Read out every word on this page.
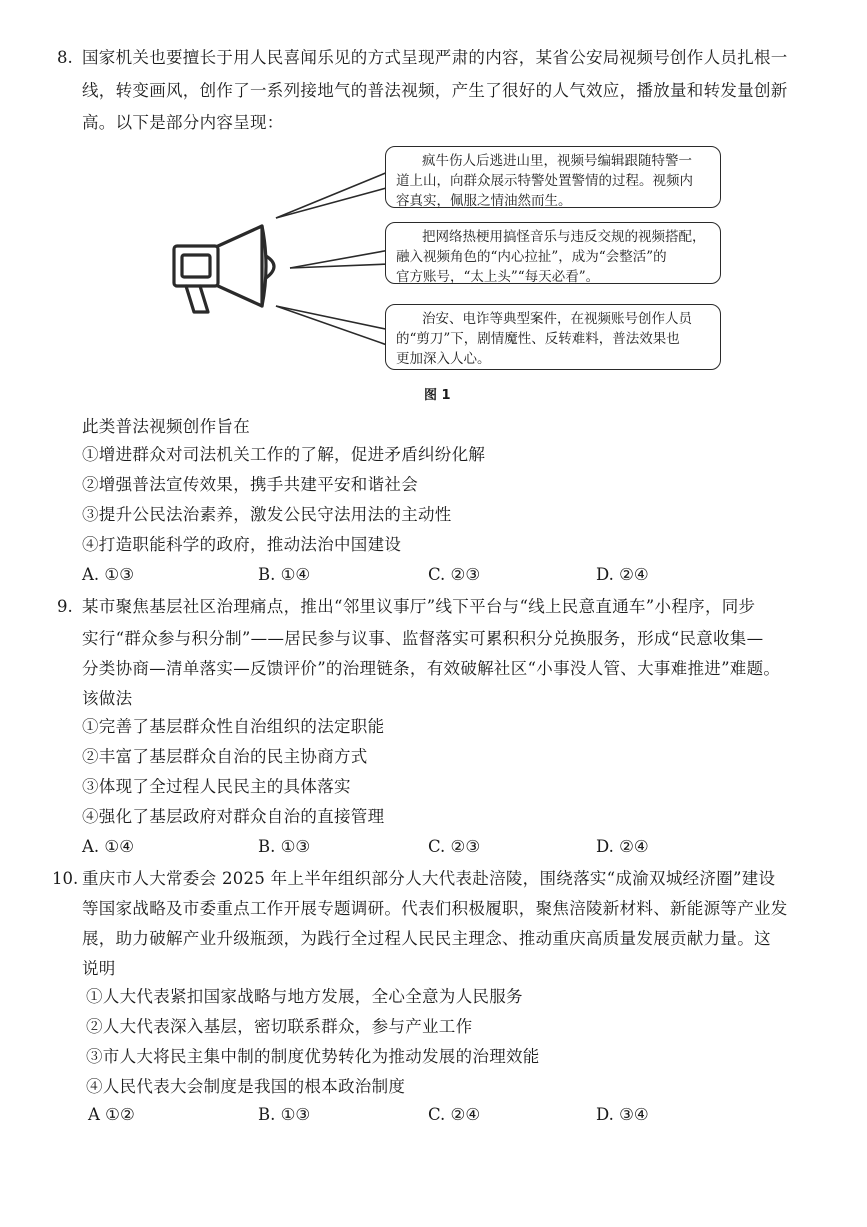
8. 国家机关也要擅长于用人民喜闻乐见的方式呈现严肃的内容，某省公安局视频号创作人员扎根一
线，转变画风，创作了一系列接地气的普法视频，产生了很好的人气效应，播放量和转发量创新
高。以下是部分内容呈现：
疯牛伤人后逃进山里，视频号编辑跟随特警一
道上山，向群众展示特警处置警情的过程。视频内
容真实，佩服之情油然而生。
把网络热梗用搞怪音乐与违反交规的视频搭配，
融入视频角色的“内心拉扯”，成为“会整活”的
官方账号，“太上头”“每天必看”。
治安、电诈等典型案件，在视频账号创作人员
的“剪刀”下，剧情魔性、反转难料，普法效果也
更加深入人心。
图 1
此类普法视频创作旨在
①增进群众对司法机关工作的了解，促进矛盾纠纷化解
②增强普法宣传效果，携手共建平安和谐社会
③提升公民法治素养，激发公民守法用法的主动性
④打造职能科学的政府，推动法治中国建设
A. ①③	B. ①④	C. ②③	D. ②④
9. 某市聚焦基层社区治理痛点，推出“邻里议事厅”线下平台与“线上民意直通车”小程序，同步
实行“群众参与积分制”——居民参与议事、监督落实可累积积分兑换服务，形成“民意收集—
分类协商—清单落实—反馈评价”的治理链条，有效破解社区“小事没人管、大事难推进”难题。
该做法
①完善了基层群众性自治组织的法定职能
②丰富了基层群众自治的民主协商方式
③体现了全过程人民民主的具体落实
④强化了基层政府对群众自治的直接管理
A. ①④	B. ①③	C. ②③	D. ②④
10. 重庆市人大常委会 2025 年上半年组织部分人大代表赴涪陵，围绕落实“成渝双城经济圈”建设
等国家战略及市委重点工作开展专题调研。代表们积极履职，聚焦涪陵新材料、新能源等产业发
展，助力破解产业升级瓶颈，为践行全过程人民民主理念、推动重庆高质量发展贡献力量。这
说明
①人大代表紧扣国家战略与地方发展，全心全意为人民服务
②人大代表深入基层，密切联系群众，参与产业工作
③市人大将民主集中制的制度优势转化为推动发展的治理效能
④人民代表大会制度是我国的根本政治制度
A ①②	B. ①③	C. ②④	D. ③④
